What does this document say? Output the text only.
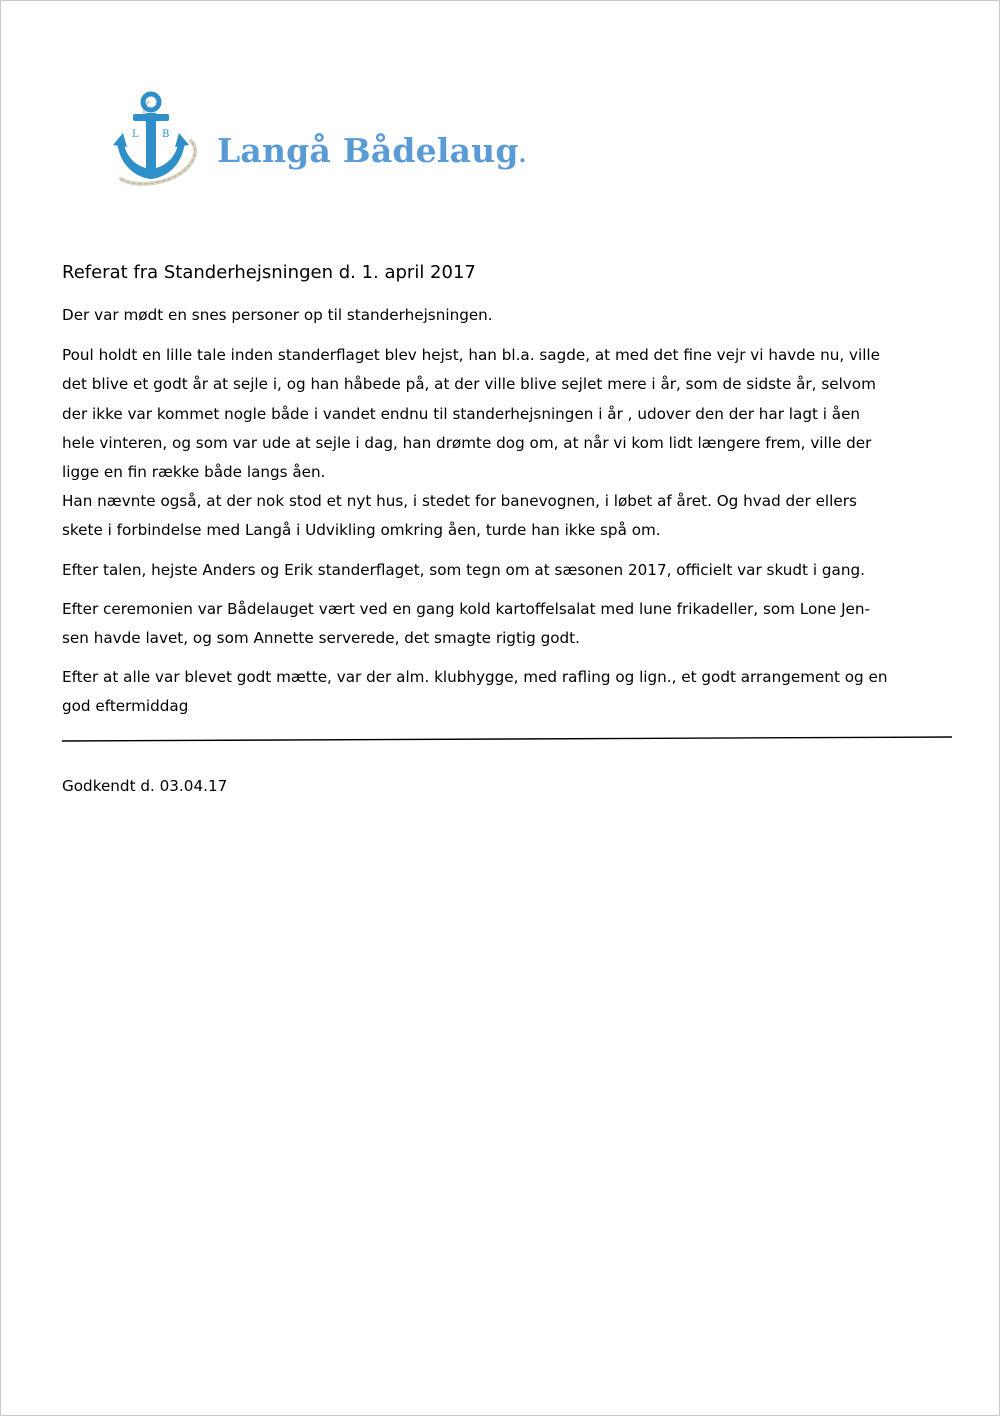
L B Langå Bådelaug.
Referat fra Standerhejsningen d. 1. april 2017
Der var mødt en snes personer op til standerhejsningen.
Poul holdt en lille tale inden standerflaget blev hejst, han bl.a. sagde, at med det fine vejr vi havde nu, ville
det blive et godt år at sejle i, og han håbede på, at der ville blive sejlet mere i år, som de sidste år, selvom
der ikke var kommet nogle både i vandet endnu til standerhejsningen i år , udover den der har lagt i åen
hele vinteren, og som var ude at sejle i dag, han drømte dog om, at når vi kom lidt længere frem, ville der
ligge en fin række både langs åen.
Han nævnte også, at der nok stod et nyt hus, i stedet for banevognen, i løbet af året. Og hvad der ellers
skete i forbindelse med Langå i Udvikling omkring åen, turde han ikke spå om.
Efter talen, hejste Anders og Erik standerflaget, som tegn om at sæsonen 2017, officielt var skudt i gang.
Efter ceremonien var Bådelauget vært ved en gang kold kartoffelsalat med lune frikadeller, som Lone Jen-
sen havde lavet, og som Annette serverede, det smagte rigtig godt.
Efter at alle var blevet godt mætte, var der alm. klubhygge, med rafling og lign., et godt arrangement og en
god eftermiddag
Godkendt d. 03.04.17
